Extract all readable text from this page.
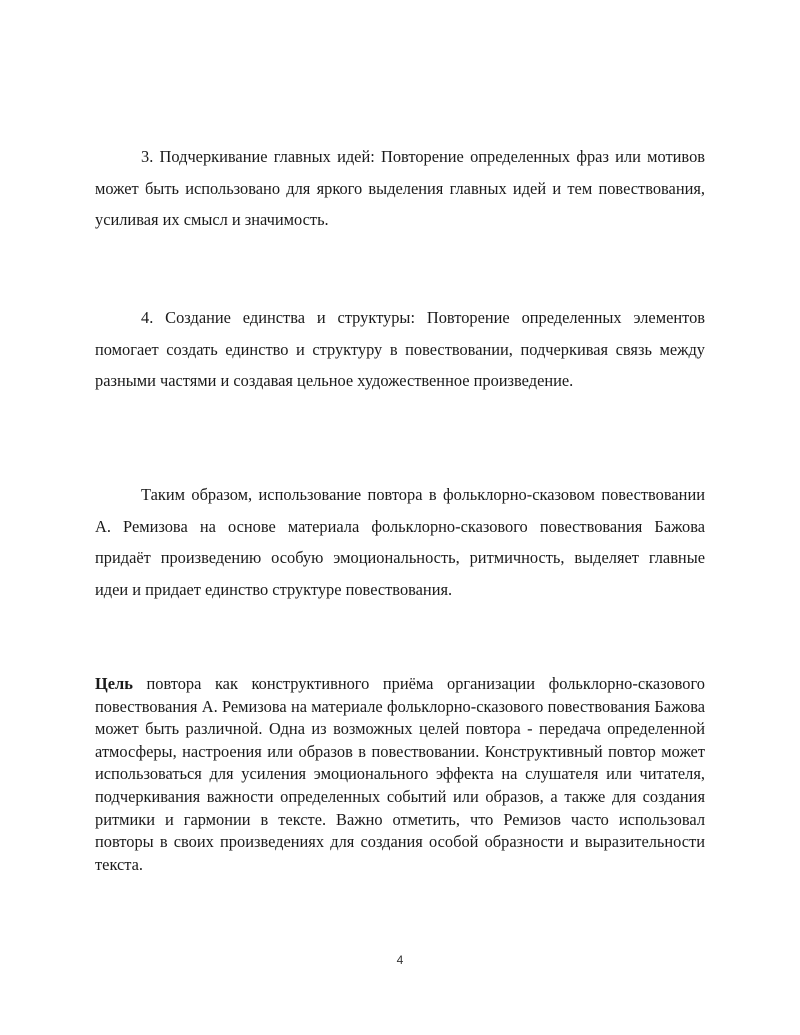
3. Подчеркивание главных идей: Повторение определенных фраз или мотивов может быть использовано для яркого выделения главных идей и тем повествования, усиливая их смысл и значимость.

4. Создание единства и структуры: Повторение определенных элементов помогает создать единство и структуру в повествовании, подчеркивая связь между разными частями и создавая цельное художественное произведение.

Таким образом, использование повтора в фольклорно-сказовом повествовании А. Ремизова на основе материала фольклорно-сказового повествования Бажова придаёт произведению особую эмоциональность, ритмичность, выделяет главные идеи и придает единство структуре повествования.

Цель повтора как конструктивного приёма организации фольклорно-сказового повествования А. Ремизова на материале фольклорно-сказового повествования Бажова может быть различной. Одна из возможных целей повтора - передача определенной атмосферы, настроения или образов в повествовании. Конструктивный повтор может использоваться для усиления эмоционального эффекта на слушателя или читателя, подчеркивания важности определенных событий или образов, а также для создания ритмики и гармонии в тексте. Важно отметить, что Ремизов часто использовал повторы в своих произведениях для создания особой образности и выразительности текста.

4
